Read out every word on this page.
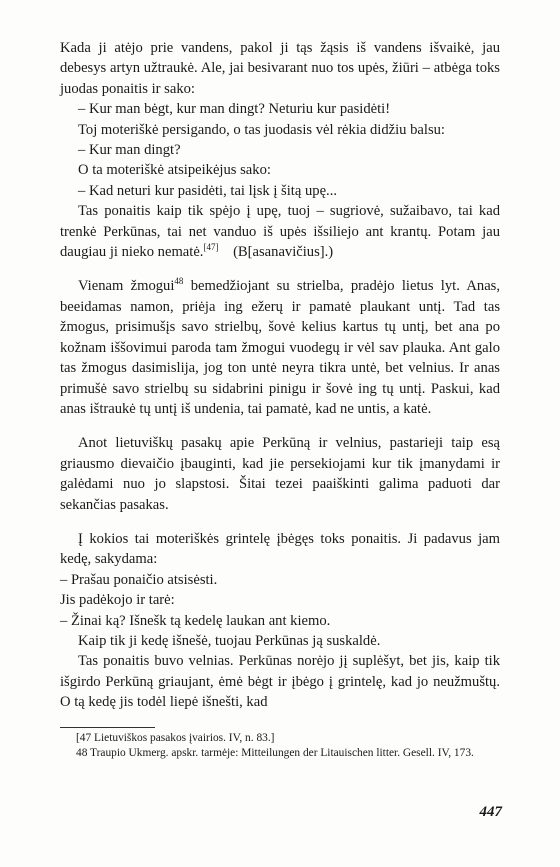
Kada ji atėjo prie vandens, pakol ji tąs žąsis iš vandens išvaikė, jau debesys artyn užtraukė. Ale, jai besivarant nuo tos upės, žiūri – atbėga toks juodas ponaitis ir sako:

– Kur man bėgt, kur man dingt? Neturiu kur pasidėti!

Toj moteriškė persigando, o tas juodasis vėl rėkia didžiu balsu:

– Kur man dingt?

O ta moteriškė atsipeikėjus sako:

– Kad neturi kur pasidėti, tai lįsk į šitą upę...

Tas ponaitis kaip tik spėjo į upę, tuoj – sugriovė, sužaibavo, tai kad trenkė Perkūnas, tai net vanduo iš upės išsiliejo ant krantų. Potam jau daugiau ji nieko nematė.[47] (B[asanavičius].)

Vienam žmogui$^{48}$ bemedžiojant su strielba, pradėjo lietus lyt. Anas, beeidamas namon, priėja ing ežerų ir pamatė plaukant untį. Tad tas žmogus, prisimušįs savo strielbų, šovė kelius kartus tų untį, bet ana po kožnam iššovimui paroda tam žmogui vuodegų ir vėl sav plauka. Ant galo tas žmogus dasimislija, jog ton untė neyra tikra untė, bet velnius. Ir anas primušė savo strielbų su sidabrini pinigu ir šovė ing tų untį. Paskui, kad anas ištraukė tų untį iš undenia, tai pamatė, kad ne untis, a katė.

Anot lietuviškų pasakų apie Perkūną ir velnius, pastarieji taip esą griausmo dievaičio įbauginti, kad jie persekiojami kur tik įmanydami ir galėdami nuo jo slapstosi. Šitai tezei paaiškinti galima paduoti dar sekančias pasakas.

Į kokios tai moteriškės grintelę įbėgęs toks ponaitis. Ji padavus jam kedę, sakydama:

– Prašau ponaičio atsisėsti.

Jis padėkojo ir tarė:

– Žinai ką? Išnešk tą kedelę laukan ant kiemo.

Kaip tik ji kedę išnešė, tuojau Perkūnas ją suskaldė.

Tas ponaitis buvo velnias. Perkūnas norėjo jį suplėšyt, bet jis, kaip tik išgirdo Perkūną griaujant, ėmė bėgt ir įbėgo į grintelę, kad jo neužmuštų. O tą kedę jis todėl liepė išnešti, kad

[47 Lietuviškos pasakos įvairios. IV, n. 83.]

48 Traupio Ukmerg. apskr. tarmėje: Mitteilungen der Litauischen litter. Gesell. IV, 173.

447
